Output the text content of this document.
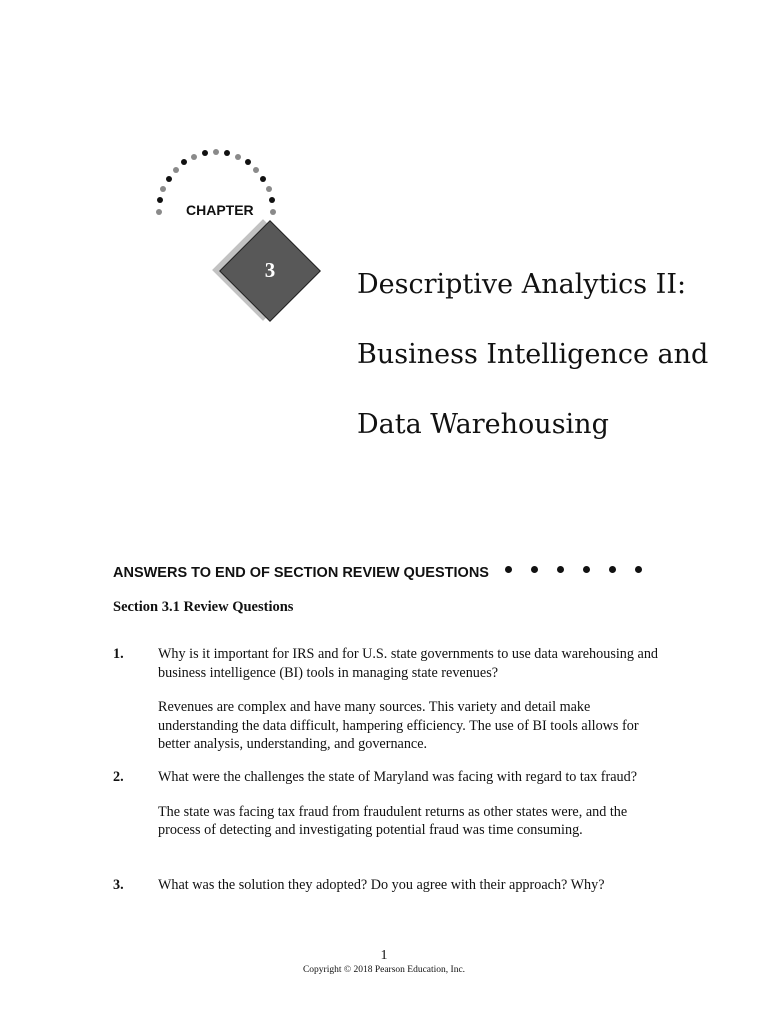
CHAPTER
3	Descriptive Analytics II:
Business Intelligence and
Data Warehousing
ANSWERS TO END OF SECTION REVIEW QUESTIONS
Section 3.1 Review Questions
1. Why is it important for IRS and for U.S. state governments to use data warehousing and business intelligence (BI) tools in managing state revenues?
Revenues are complex and have many sources. This variety and detail make understanding the data difficult, hampering efficiency. The use of BI tools allows for better analysis, understanding, and governance.
2. What were the challenges the state of Maryland was facing with regard to tax fraud?
The state was facing tax fraud from fraudulent returns as other states were, and the process of detecting and investigating potential fraud was time consuming.
3. What was the solution they adopted? Do you agree with their approach? Why?
1
Copyright © 2018 Pearson Education, Inc.
